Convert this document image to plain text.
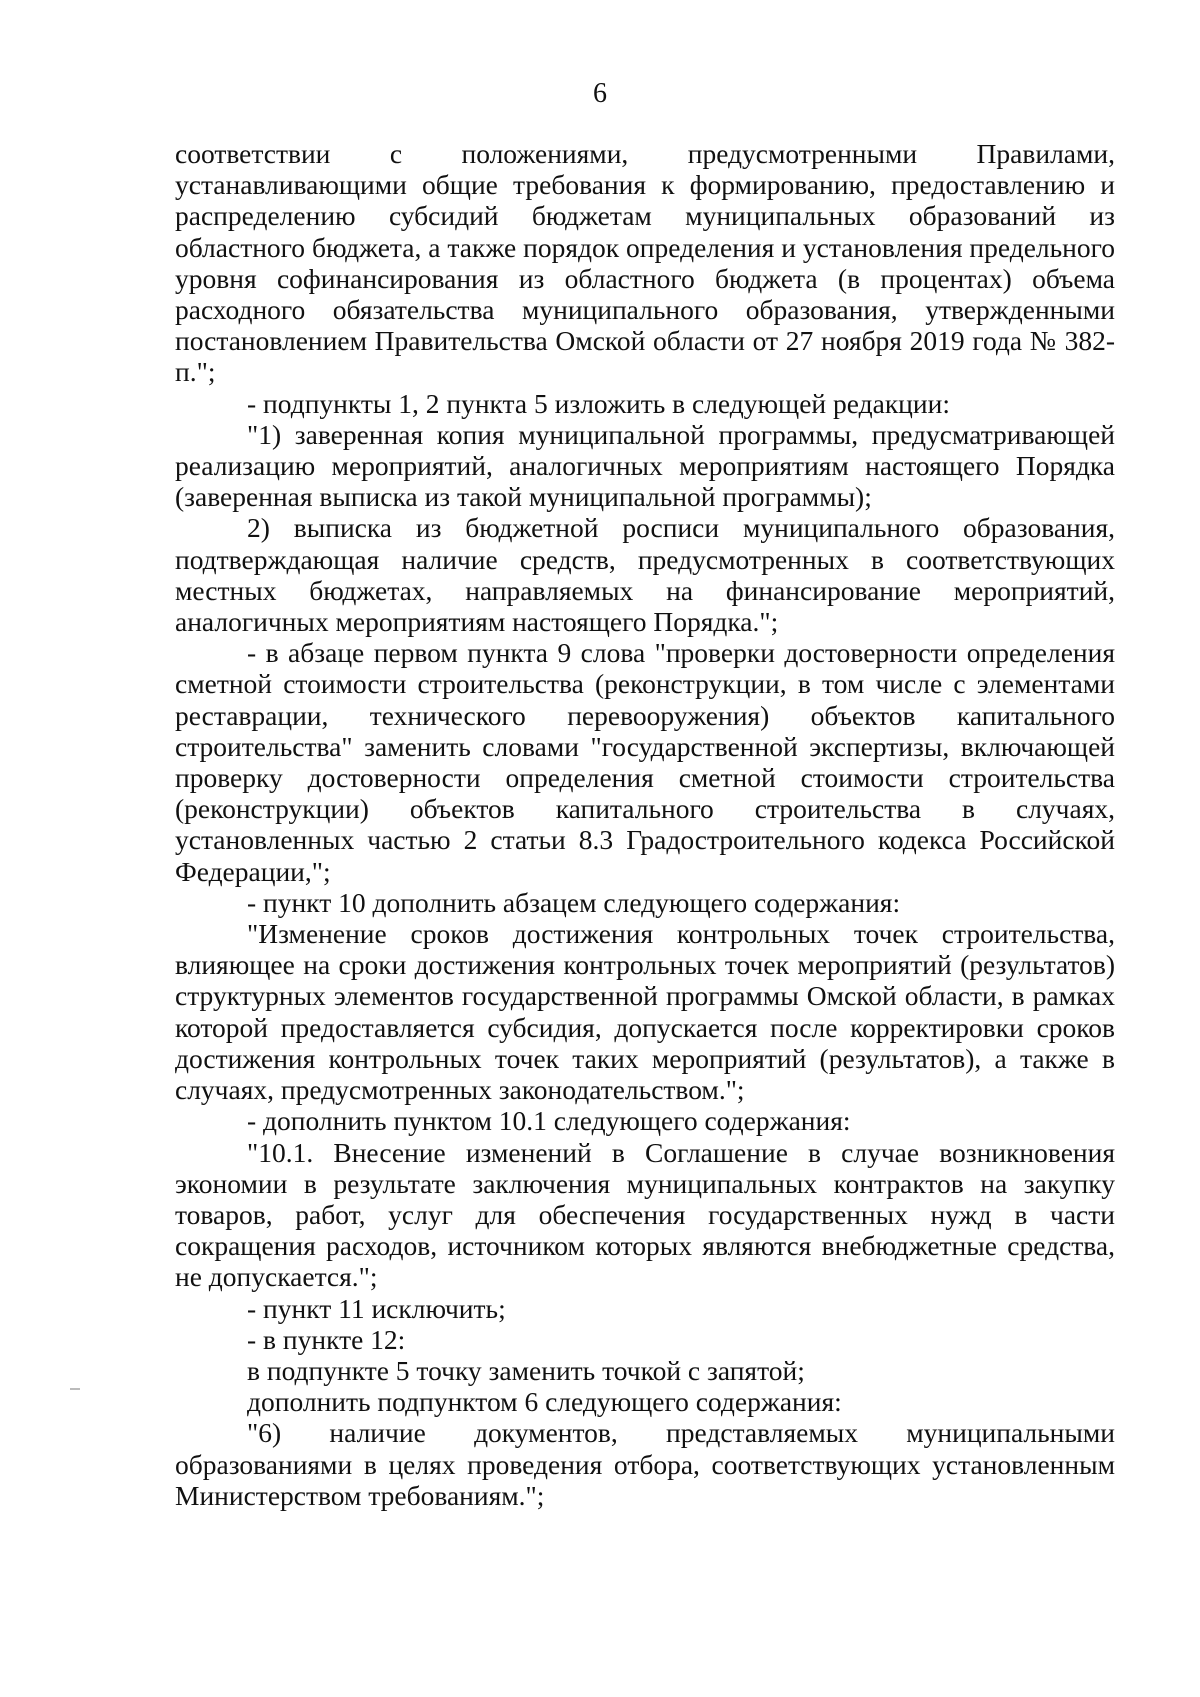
6

соответствии с положениями, предусмотренными Правилами, устанавливающими общие требования к формированию, предоставлению и распределению субсидий бюджетам муниципальных образований из областного бюджета, а также порядок определения и установления предельного уровня софинансирования из областного бюджета (в процентах) объема расходного обязательства муниципального образования, утвержденными постановлением Правительства Омской области от 27 ноября 2019 года № 382-п.";

- подпункты 1, 2 пункта 5 изложить в следующей редакции:

"1) заверенная копия муниципальной программы, предусматривающей реализацию мероприятий, аналогичных мероприятиям настоящего Порядка (заверенная выписка из такой муниципальной программы);

2) выписка из бюджетной росписи муниципального образования, подтверждающая наличие средств, предусмотренных в соответствующих местных бюджетах, направляемых на финансирование мероприятий, аналогичных мероприятиям настоящего Порядка.";

- в абзаце первом пункта 9 слова "проверки достоверности определения сметной стоимости строительства (реконструкции, в том числе с элементами реставрации, технического перевооружения) объектов капитального строительства" заменить словами "государственной экспертизы, включающей проверку достоверности определения сметной стоимости строительства (реконструкции) объектов капитального строительства в случаях, установленных частью 2 статьи 8.3 Градостроительного кодекса Российской Федерации,";

- пункт 10 дополнить абзацем следующего содержания:

"Изменение сроков достижения контрольных точек строительства, влияющее на сроки достижения контрольных точек мероприятий (результатов) структурных элементов государственной программы Омской области, в рамках которой предоставляется субсидия, допускается после корректировки сроков достижения контрольных точек таких мероприятий (результатов), а также в случаях, предусмотренных законодательством.";

- дополнить пунктом 10.1 следующего содержания:

"10.1. Внесение изменений в Соглашение в случае возникновения экономии в результате заключения муниципальных контрактов на закупку товаров, работ, услуг для обеспечения государственных нужд в части сокращения расходов, источником которых являются внебюджетные средства, не допускается.";

- пункт 11 исключить;

- в пункте 12:

в подпункте 5 точку заменить точкой с запятой;

дополнить подпунктом 6 следующего содержания:

"6) наличие документов, представляемых муниципальными образованиями в целях проведения отбора, соответствующих установленным Министерством требованиям.";
